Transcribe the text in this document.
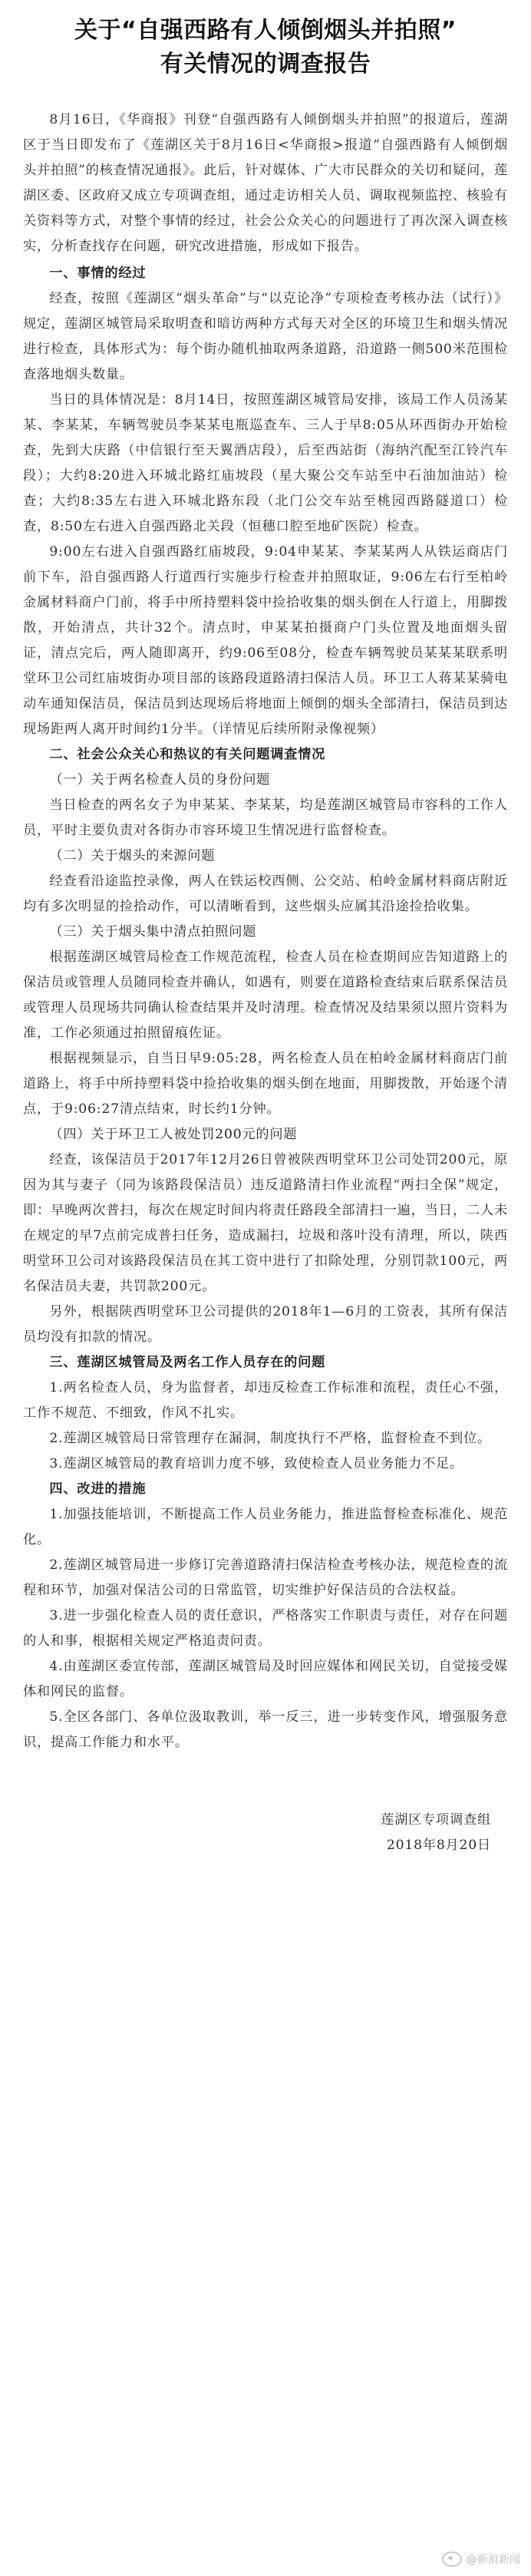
关于“自强西路有人倾倒烟头并拍照”
有关情况的调查报告

8月16日，《华商报》刊登“自强西路有人倾倒烟头并拍照”的报道后，莲湖区于当日即发布了《莲湖区关于8月16日<华商报>报道“自强西路有人倾倒烟头并拍照”的核查情况通报》。此后，针对媒体、广大市民群众的关切和疑问，莲湖区委、区政府又成立专项调查组，通过走访相关人员、调取视频监控、核验有关资料等方式，对整个事情的经过，社会公众关心的问题进行了再次深入调查核实，分析查找存在问题，研究改进措施，形成如下报告。

一、事情的经过

经查，按照《莲湖区“烟头革命”与“以克论净”专项检查考核办法（试行）》规定，莲湖区城管局采取明查和暗访两种方式每天对全区的环境卫生和烟头情况进行检查，具体形式为：每个街办随机抽取两条道路，沿道路一侧500米范围检查落地烟头数量。

当日的具体情况是：8月14日，按照莲湖区城管局安排，该局工作人员汤某某、李某某，车辆驾驶员李某某电瓶巡查车、三人于早8:05从环西街办开始检查，先到大庆路（中信银行至天翼酒店段），后至西站街（海纳汽配至江铃汽车段）；大约8:20进入环城北路红庙坡段（星大聚公交车站至中石油加油站）检查；大约8:35左右进入环城北路东段（北门公交车站至桃园西路隧道口）检查，8:50左右进入自强西路北关段（恒穗口腔至地矿医院）检查。

9:00左右进入自强西路红庙坡段，9:04申某某、李某某两人从铁运商店门前下车，沿自强西路人行道西行实施步行检查并拍照取证，9:06左右行至柏岭金属材料商户门前，将手中所持塑料袋中捡拾收集的烟头倒在人行道上，用脚拨散，开始清点，共计32个。清点时，申某某拍摄商户门头位置及地面烟头留证，清点完后，两人随即离开，约9:06至08分，检查车辆驾驶员某某某联系明堂环卫公司红庙坡街办项目部的该路段道路清扫保洁人员。环卫工人蒋某某骑电动车通知保洁员，保洁员到达现场后将地面上倾倒的烟头全部清扫，保洁员到达现场距两人离开时间约1分半。（详情见后续所附录像视频）

二、社会公众关心和热议的有关问题调查情况
（一）关于两名检查人员的身份问题

当日检查的两名女子为申某某、李某某，均是莲湖区城管局市容科的工作人员，平时主要负责对各街办市容环境卫生情况进行监督检查。

（二）关于烟头的来源问题

经查看沿途监控录像，两人在铁运校西侧、公交站、柏岭金属材料商店附近均有多次明显的捡拾动作，可以清晰看到，这些烟头应属其沿途捡拾收集。

（三）关于烟头集中清点拍照问题

根据莲湖区城管局检查工作规范流程，检查人员在检查期间应告知道路上的保洁员或管理人员随同检查并确认，如遇有，则要在道路检查结束后联系保洁员或管理人员现场共同确认检查结果并及时清理。检查情况及结果须以照片资料为准，工作必须通过拍照留痕佐证。

根据视频显示，自当日早9:05:28，两名检查人员在柏岭金属材料商店门前道路上，将手中所持塑料袋中捡拾收集的烟头倒在地面，用脚拨散，开始逐个清点，于9:06:27清点结束，时长约1分钟。

（四）关于环卫工人被处罚200元的问题

经查，该保洁员于2017年12月26日曾被陕西明堂环卫公司处罚200元，原因为其与妻子（同为该路段保洁员）违反道路清扫作业流程“两扫全保”规定，即：早晚两次普扫，每次在规定时间内将责任路段全部清扫一遍，当日，二人未在规定的早7点前完成普扫任务，造成漏扫，垃圾和落叶没有清理，所以，陕西明堂环卫公司对该路段保洁员在其工资中进行了扣除处理，分别罚款100元，两名保洁员夫妻，共罚款200元。

另外，根据陕西明堂环卫公司提供的2018年1—6月的工资表，其所有保洁员均没有扣款的情况。

三、莲湖区城管局及两名工作人员存在的问题

1.两名检查人员，身为监督者，却违反检查工作标准和流程，责任心不强，工作不规范、不细致，作风不扎实。

2.莲湖区城管局日常管理存在漏洞，制度执行不严格，监督检查不到位。

3.莲湖区城管局的教育培训力度不够，致使检查人员业务能力不足。

四、改进的措施

1.加强技能培训，不断提高工作人员业务能力，推进监督检查标准化、规范化。

2.莲湖区城管局进一步修订完善道路清扫保洁检查考核办法，规范检查的流程和环节，加强对保洁公司的日常监管，切实维护好保洁员的合法权益。

3.进一步强化检查人员的责任意识，严格落实工作职责与责任，对存在问题的人和事，根据相关规定严格追责问责。

4.由莲湖区委宣传部，莲湖区城管局及时回应媒体和网民关切，自觉接受媒体和网民的监督。

5.全区各部门、各单位汲取教训，举一反三，进一步转变作风，增强服务意识，提高工作能力和水平。

莲湖区专项调查组
2018年8月20日
@新浪新闻
